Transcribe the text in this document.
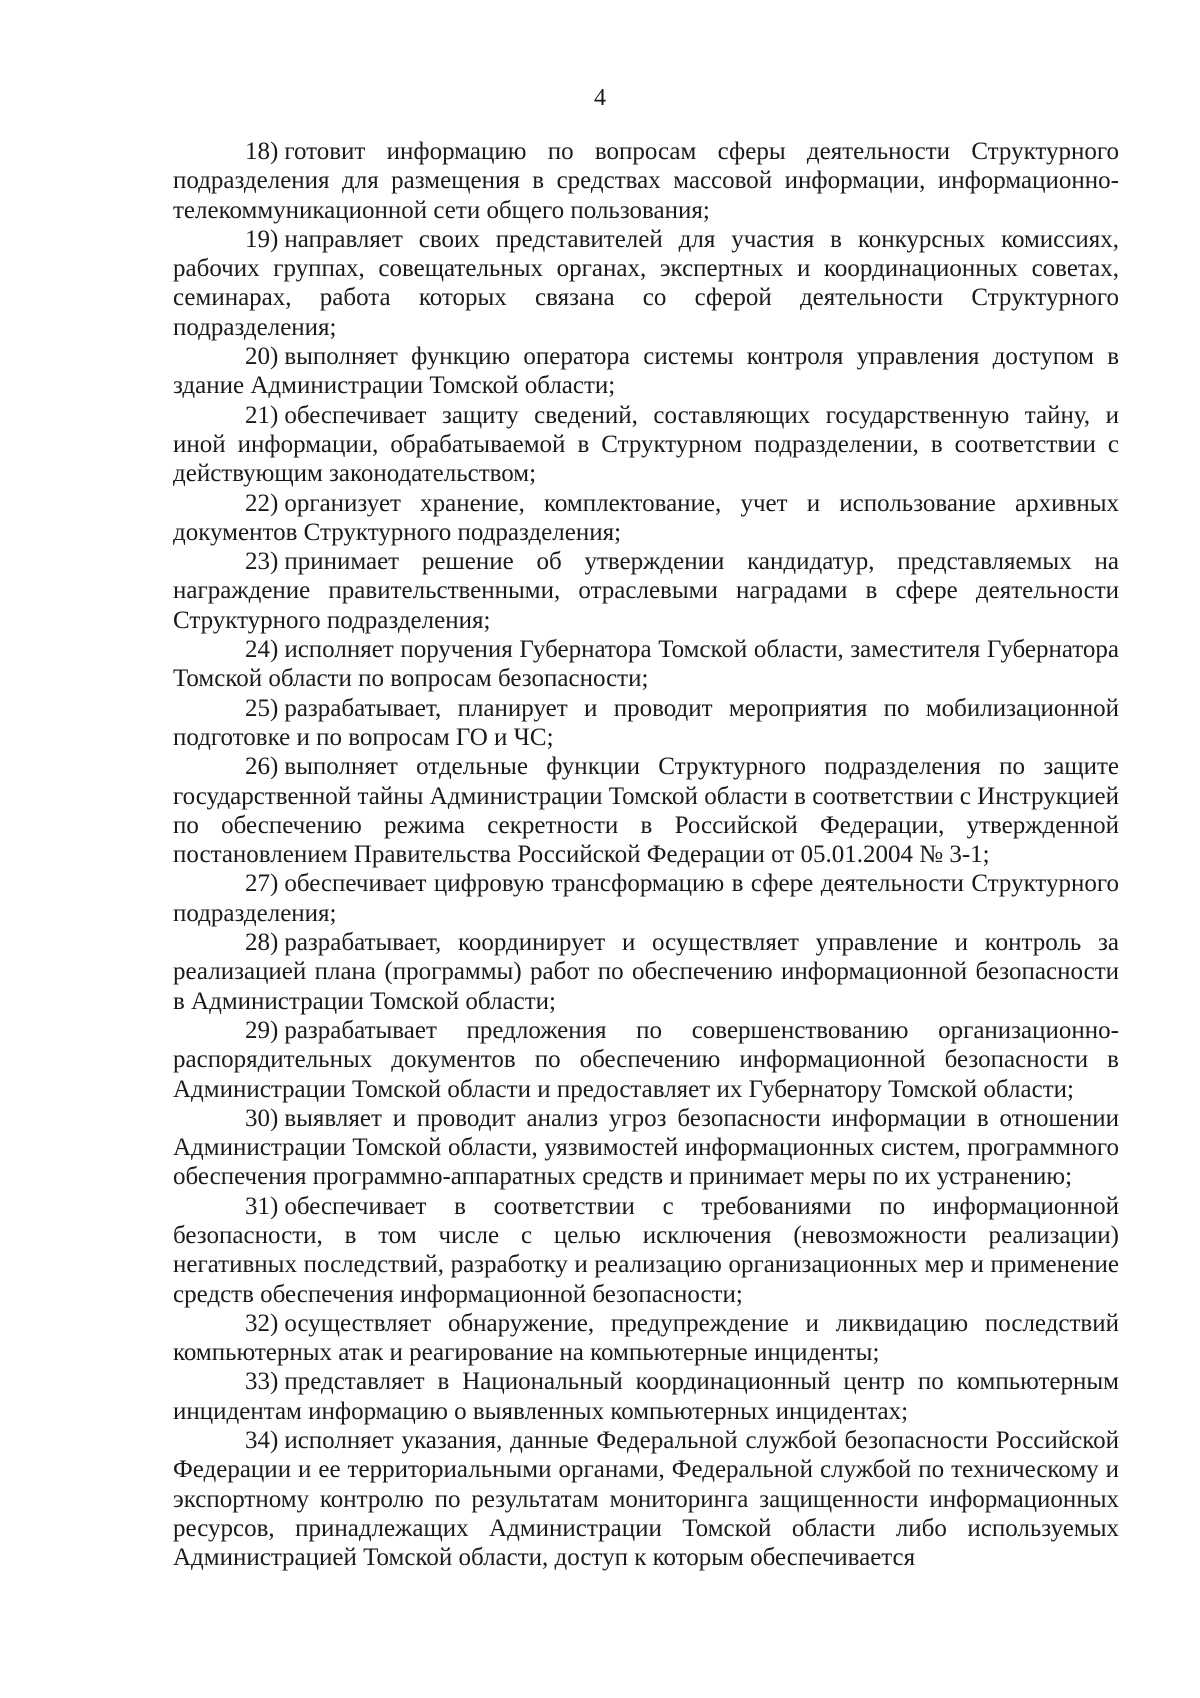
4

18) готовит информацию по вопросам сферы деятельности Структурного подразделения для размещения в средствах массовой информации, информационно-телекоммуникационной сети общего пользования;

19) направляет своих представителей для участия в конкурсных комиссиях, рабочих группах, совещательных органах, экспертных и координационных советах, семинарах, работа которых связана со сферой деятельности Структурного подразделения;

20) выполняет функцию оператора системы контроля управления доступом в здание Администрации Томской области;

21) обеспечивает защиту сведений, составляющих государственную тайну, и иной информации, обрабатываемой в Структурном подразделении, в соответствии с действующим законодательством;

22) организует хранение, комплектование, учет и использование архивных документов Структурного подразделения;

23) принимает решение об утверждении кандидатур, представляемых на награждение правительственными, отраслевыми наградами в сфере деятельности Структурного подразделения;

24) исполняет поручения Губернатора Томской области, заместителя Губернатора Томской области по вопросам безопасности;

25) разрабатывает, планирует и проводит мероприятия по мобилизационной подготовке и по вопросам ГО и ЧС;

26) выполняет отдельные функции Структурного подразделения по защите государственной тайны Администрации Томской области в соответствии с Инструкцией по обеспечению режима секретности в Российской Федерации, утвержденной постановлением Правительства Российской Федерации от 05.01.2004 № 3-1;

27) обеспечивает цифровую трансформацию в сфере деятельности Структурного подразделения;

28) разрабатывает, координирует и осуществляет управление и контроль за реализацией плана (программы) работ по обеспечению информационной безопасности в Администрации Томской области;

29) разрабатывает предложения по совершенствованию организационно-распорядительных документов по обеспечению информационной безопасности в Администрации Томской области и предоставляет их Губернатору Томской области;

30) выявляет и проводит анализ угроз безопасности информации в отношении Администрации Томской области, уязвимостей информационных систем, программного обеспечения программно-аппаратных средств и принимает меры по их устранению;

31) обеспечивает в соответствии с требованиями по информационной безопасности, в том числе с целью исключения (невозможности реализации) негативных последствий, разработку и реализацию организационных мер и применение средств обеспечения информационной безопасности;

32) осуществляет обнаружение, предупреждение и ликвидацию последствий компьютерных атак и реагирование на компьютерные инциденты;

33) представляет в Национальный координационный центр по компьютерным инцидентам информацию о выявленных компьютерных инцидентах;

34) исполняет указания, данные Федеральной службой безопасности Российской Федерации и ее территориальными органами, Федеральной службой по техническому и экспортному контролю по результатам мониторинга защищенности информационных ресурсов, принадлежащих Администрации Томской области либо используемых Администрацией Томской области, доступ к которым обеспечивается
